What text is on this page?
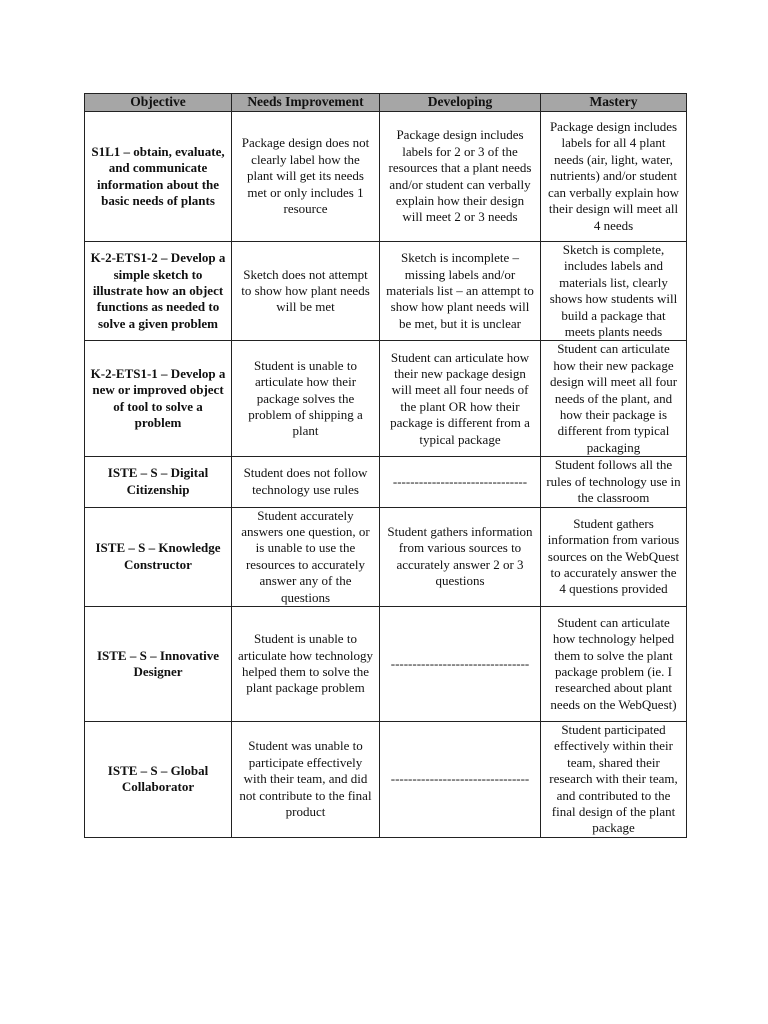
Objective	Needs Improvement	Developing	Mastery
S1L1 – obtain, evaluate, and communicate information about the basic needs of plants	Package design does not clearly label how the plant will get its needs met or only includes 1 resource	Package design includes labels for 2 or 3 of the resources that a plant needs and/or student can verbally explain how their design will meet 2 or 3 needs	Package design includes labels for all 4 plant needs (air, light, water, nutrients) and/or student can verbally explain how their design will meet all 4 needs
K-2-ETS1-2 – Develop a simple sketch to illustrate how an object functions as needed to solve a given problem	Sketch does not attempt to show how plant needs will be met	Sketch is incomplete – missing labels and/or materials list – an attempt to show how plant needs will be met, but it is unclear	Sketch is complete, includes labels and materials list, clearly shows how students will build a package that meets plants needs
K-2-ETS1-1 – Develop a new or improved object of tool to solve a problem	Student is unable to articulate how their package solves the problem of shipping a plant	Student can articulate how their new package design will meet all four needs of the plant OR how their package is different from a typical package	Student can articulate how their new package design will meet all four needs of the plant, and how their package is different from typical packaging
ISTE – S – Digital Citizenship	Student does not follow technology use rules	-------------------------------	Student follows all the rules of technology use in the classroom
ISTE – S – Knowledge Constructor	Student accurately answers one question, or is unable to use the resources to accurately answer any of the questions	Student gathers information from various sources to accurately answer 2 or 3 questions	Student gathers information from various sources on the WebQuest to accurately answer the 4 questions provided
ISTE – S – Innovative Designer	Student is unable to articulate how technology helped them to solve the plant package problem	--------------------------------	Student can articulate how technology helped them to solve the plant package problem (ie. I researched about plant needs on the WebQuest)
ISTE – S – Global Collaborator	Student was unable to participate effectively with their team, and did not contribute to the final product	--------------------------------	Student participated effectively within their team, shared their research with their team, and contributed to the final design of the plant package
